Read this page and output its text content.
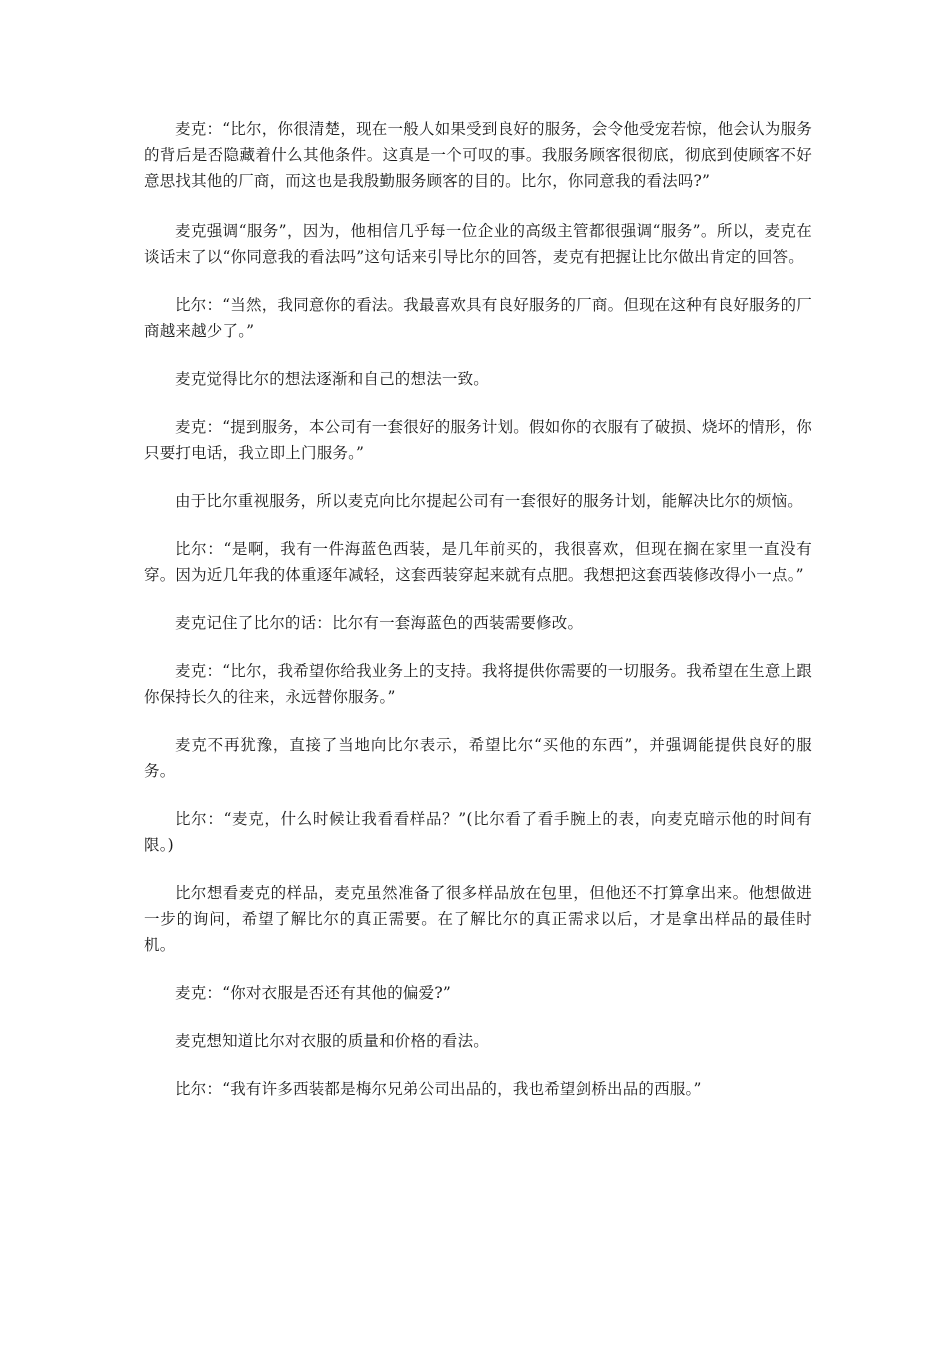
麦克：“比尔，你很清楚，现在一般人如果受到良好的服务，会令他受宠若惊，他会认为服务的背后是否隐藏着什么其他条件。这真是一个可叹的事。我服务顾客很彻底，彻底到使顾客不好意思找其他的厂商，而这也是我殷勤服务顾客的目的。比尔，你同意我的看法吗?”

麦克强调“服务”，因为，他相信几乎每一位企业的高级主管都很强调“服务”。所以，麦克在谈话末了以“你同意我的看法吗”这句话来引导比尔的回答，麦克有把握让比尔做出肯定的回答。

比尔：“当然，我同意你的看法。我最喜欢具有良好服务的厂商。但现在这种有良好服务的厂商越来越少了。”

麦克觉得比尔的想法逐渐和自己的想法一致。

麦克：“提到服务，本公司有一套很好的服务计划。假如你的衣服有了破损、烧坏的情形，你只要打电话，我立即上门服务。”

由于比尔重视服务，所以麦克向比尔提起公司有一套很好的服务计划，能解决比尔的烦恼。

比尔：“是啊，我有一件海蓝色西装，是几年前买的，我很喜欢，但现在搁在家里一直没有穿。因为近几年我的体重逐年减轻，这套西装穿起来就有点肥。我想把这套西装修改得小一点。”

麦克记住了比尔的话：比尔有一套海蓝色的西装需要修改。

麦克：“比尔，我希望你给我业务上的支持。我将提供你需要的一切服务。我希望在生意上跟你保持长久的往来，永远替你服务。”

麦克不再犹豫，直接了当地向比尔表示，希望比尔“买他的东西”，并强调能提供良好的服务。

比尔：“麦克，什么时候让我看看样品？”(比尔看了看手腕上的表，向麦克暗示他的时间有限。)

比尔想看麦克的样品，麦克虽然准备了很多样品放在包里，但他还不打算拿出来。他想做进一步的询问，希望了解比尔的真正需要。在了解比尔的真正需求以后，才是拿出样品的最佳时机。

麦克：“你对衣服是否还有其他的偏爱?”

麦克想知道比尔对衣服的质量和价格的看法。

比尔：“我有许多西装都是梅尔兄弟公司出品的，我也希望剑桥出品的西服。”
